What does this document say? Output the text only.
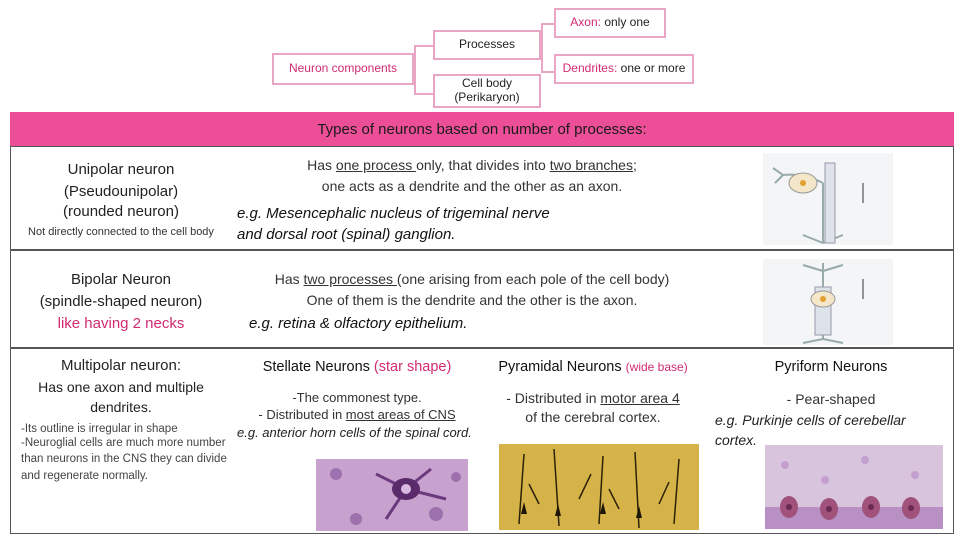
Axon: only one
Processes
Dendrites: one or more
Neuron components
Cell body
(Perikaryon)
Types of neurons based on number of processes:
Unipolar neuron
(Pseudounipolar)
(rounded neuron)
Not directly connected to the cell body
Has one process only, that divides into two branches;
one acts as a dendrite and the other as an axon.
e.g. Mesencephalic nucleus of trigeminal nerve
and dorsal root (spinal) ganglion.
Bipolar Neuron
(spindle-shaped neuron)
like having 2 necks
Has two processes (one arising from each pole of the cell body)
One of them is the dendrite and the other is the axon.
e.g. retina & olfactory epithelium.
Multipolar neuron:
Has one axon and multiple dendrites.
-Its outline is irregular in shape
-Neuroglial cells are much more number than neurons in the CNS they can divide and regenerate normally.
Stellate Neurons (star shape)
-The commonest type.
- Distributed in most areas of CNS
e.g. anterior horn cells of the spinal cord.
Pyramidal Neurons (wide base)
- Distributed in motor area 4
of the cerebral cortex.
Pyriform Neurons
- Pear-shaped
e.g. Purkinje cells of cerebellar cortex.
